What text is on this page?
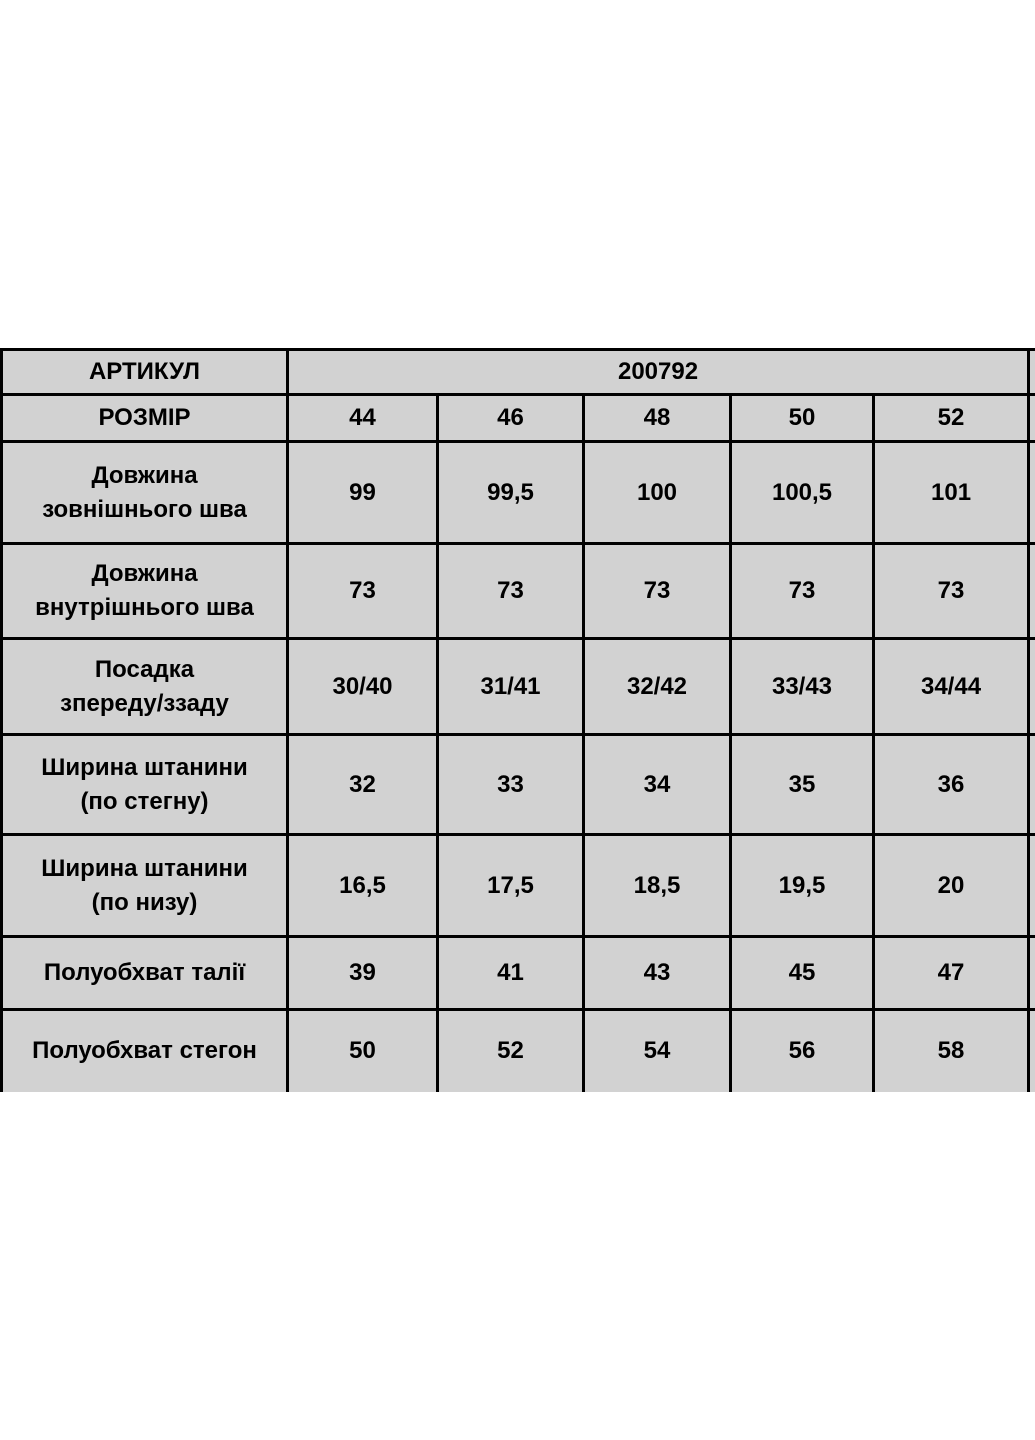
АРТИКУЛ	200792					
РОЗМІР	44	46	48	50	52	

Довжина
зовнішнього шва	99	99,5	100	100,5	101	

Довжина
внутрішнього шва	73	73	73	73	73	

Посадка
зпереду/ззаду	30/40	31/41	32/42	33/43	34/44	

Ширина штанини
(по стегну)	32	33	34	35	36	

Ширина штанини
(по низу)	16,5	17,5	18,5	19,5	20	

Полуобхват талії	39	41	43	45	47	

Полуобхват стегон	50	52	54	56	58	
